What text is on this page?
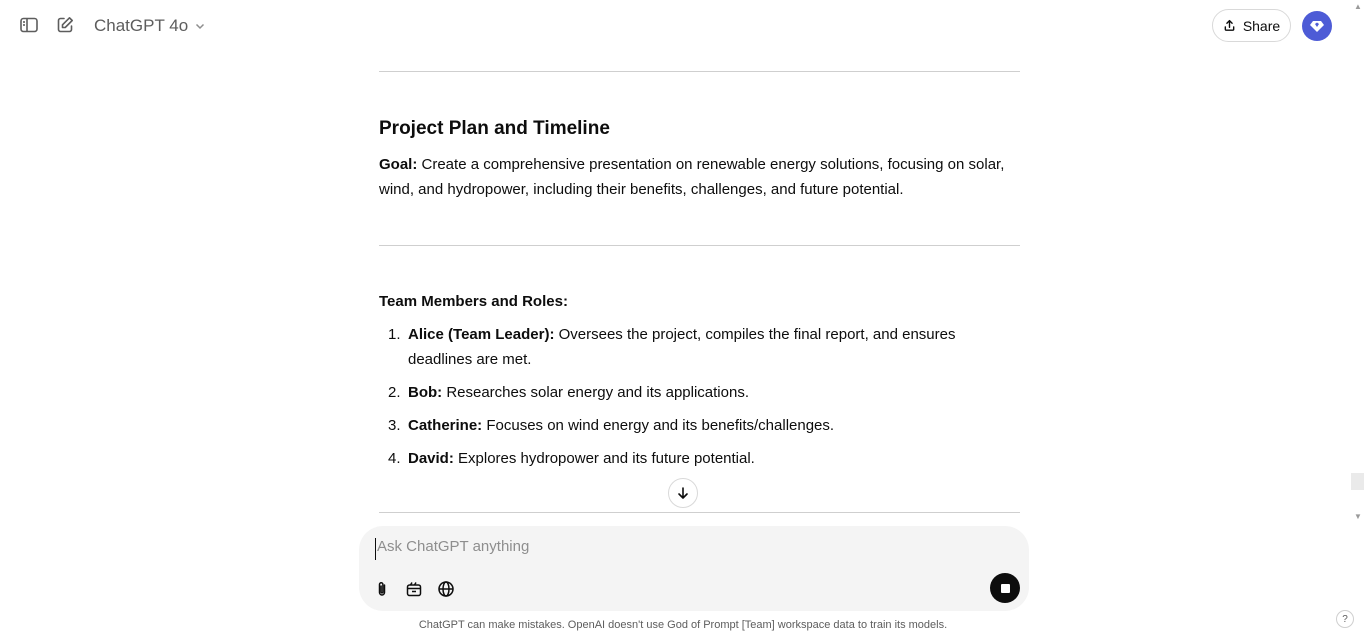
ChatGPT 4o	Share
Project Plan and Timeline

Goal: Create a comprehensive presentation on renewable energy solutions, focusing on solar, wind, and hydropower, including their benefits, challenges, and future potential.

Team Members and Roles:
1. Alice (Team Leader): Oversees the project, compiles the final report, and ensures deadlines are met.
2. Bob: Researches solar energy and its applications.
3. Catherine: Focuses on wind energy and its benefits/challenges.
4. David: Explores hydropower and its future potential.
Ask ChatGPT anything
ChatGPT can make mistakes. OpenAI doesn't use God of Prompt [Team] workspace data to train its models.
▲
▼
?
